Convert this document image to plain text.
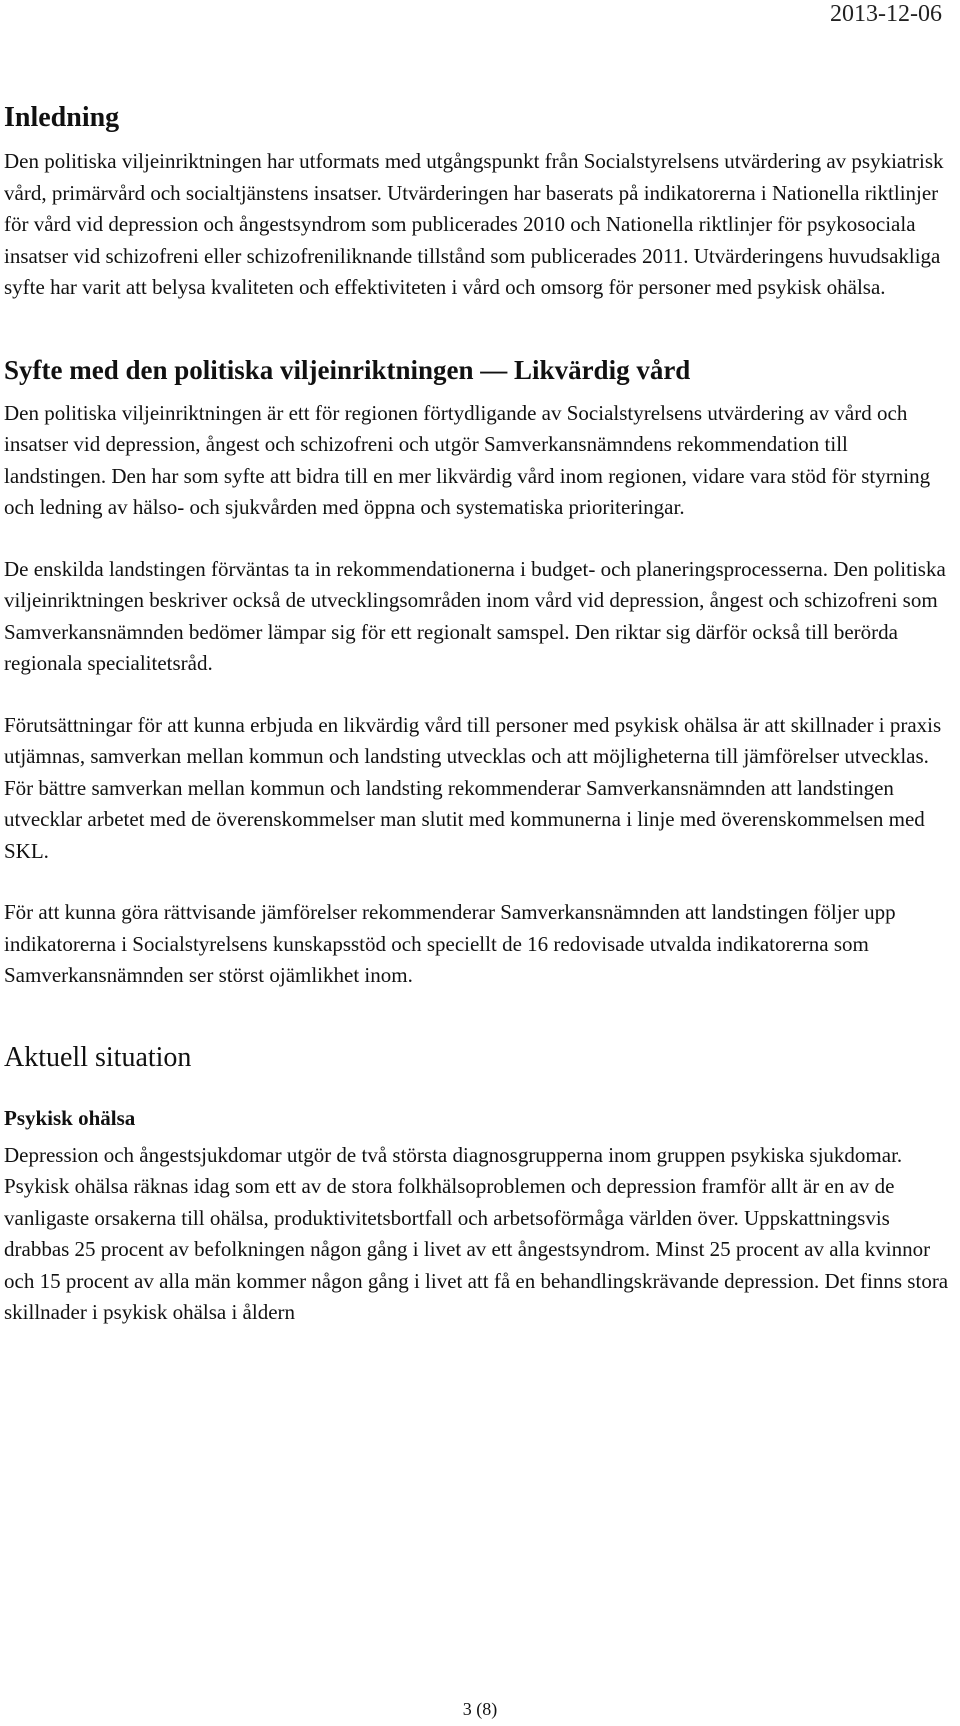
2013-12-06
Inledning

Den politiska viljeinriktningen har utformats med utgångspunkt från Socialstyrelsens utvärdering av psykiatrisk vård, primärvård och socialtjänstens insatser. Utvärderingen har baserats på indikatorerna i Nationella riktlinjer för vård vid depression och ångestsyndrom som publicerades 2010 och Nationella riktlinjer för psykosociala insatser vid schizofreni eller schizofreniliknande tillstånd som publicerades 2011. Utvärderingens huvudsakliga syfte har varit att belysa kvaliteten och effektiviteten i vård och omsorg för personer med psykisk ohälsa.

Syfte med den politiska viljeinriktningen — Likvärdig vård

Den politiska viljeinriktningen är ett för regionen förtydligande av Socialstyrelsens utvärdering av vård och insatser vid depression, ångest och schizofreni och utgör Samverkansnämndens rekommendation till landstingen. Den har som syfte att bidra till en mer likvärdig vård inom regionen, vidare vara stöd för styrning och ledning av hälso- och sjukvården med öppna och systematiska prioriteringar.

De enskilda landstingen förväntas ta in rekommendationerna i budget- och planeringsprocesserna. Den politiska viljeinriktningen beskriver också de utvecklingsområden inom vård vid depression, ångest och schizofreni som Samverkansnämnden bedömer lämpar sig för ett regionalt samspel. Den riktar sig därför också till berörda regionala specialitetsråd.

Förutsättningar för att kunna erbjuda en likvärdig vård till personer med psykisk ohälsa är att skillnader i praxis utjämnas, samverkan mellan kommun och landsting utvecklas och att möjligheterna till jämförelser utvecklas. För bättre samverkan mellan kommun och landsting rekommenderar Samverkansnämnden att landstingen utvecklar arbetet med de överenskommelser man slutit med kommunerna i linje med överenskommelsen med SKL.

För att kunna göra rättvisande jämförelser rekommenderar Samverkansnämnden att landstingen följer upp indikatorerna i Socialstyrelsens kunskapsstöd och speciellt de 16 redovisade utvalda indikatorerna som Samverkansnämnden ser störst ojämlikhet inom.

Aktuell situation
Psykisk ohälsa

Depression och ångestsjukdomar utgör de två största diagnosgrupperna inom gruppen psykiska sjukdomar. Psykisk ohälsa räknas idag som ett av de stora folkhälsoproblemen och depression framför allt är en av de vanligaste orsakerna till ohälsa, produktivitetsbortfall och arbetsoförmåga världen över. Uppskattningsvis drabbas 25 procent av befolkningen någon gång i livet av ett ångestsyndrom. Minst 25 procent av alla kvinnor och 15 procent av alla män kommer någon gång i livet att få en behandlingskrävande depression. Det finns stora skillnader i psykisk ohälsa i åldern

3 (8)
